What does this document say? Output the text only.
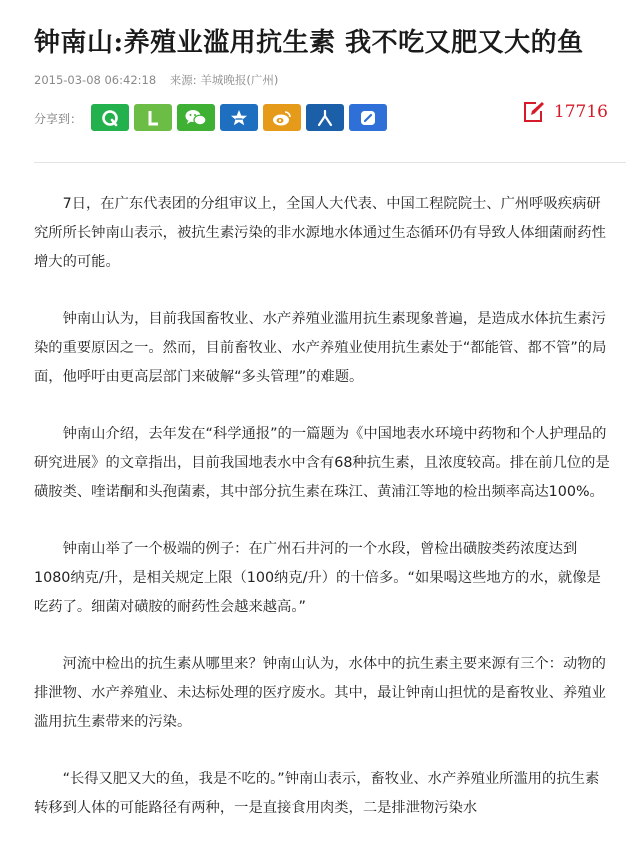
钟南山:养殖业滥用抗生素 我不吃又肥又大的鱼
2015-03-08 06:42:18 来源: 羊城晚报(广州)
分享到：	17716

7日，在广东代表团的分组审议上，全国人大代表、中国工程院院士、广州呼吸疾病研究所所长钟南山表示，被抗生素污染的非水源地水体通过生态循环仍有导致人体细菌耐药性增大的可能。

钟南山认为，目前我国畜牧业、水产养殖业滥用抗生素现象普遍，是造成水体抗生素污染的重要原因之一。然而，目前畜牧业、水产养殖业使用抗生素处于“都能管、都不管”的局面，他呼吁由更高层部门来破解“多头管理”的难题。

钟南山介绍，去年发在“科学通报”的一篇题为《中国地表水环境中药物和个人护理品的研究进展》的文章指出，目前我国地表水中含有68种抗生素，且浓度较高。排在前几位的是磺胺类、喹诺酮和头孢菌素，其中部分抗生素在珠江、黄浦江等地的检出频率高达100%。

钟南山举了一个极端的例子：在广州石井河的一个水段，曾检出磺胺类药浓度达到1080纳克/升，是相关规定上限（100纳克/升）的十倍多。“如果喝这些地方的水，就像是吃药了。细菌对磺胺的耐药性会越来越高。”

河流中检出的抗生素从哪里来？钟南山认为，水体中的抗生素主要来源有三个：动物的排泄物、水产养殖业、未达标处理的医疗废水。其中，最让钟南山担忧的是畜牧业、养殖业滥用抗生素带来的污染。

“长得又肥又大的鱼，我是不吃的。”钟南山表示，畜牧业、水产养殖业所滥用的抗生素转移到人体的可能路径有两种，一是直接食用肉类，二是排泄物污染水
